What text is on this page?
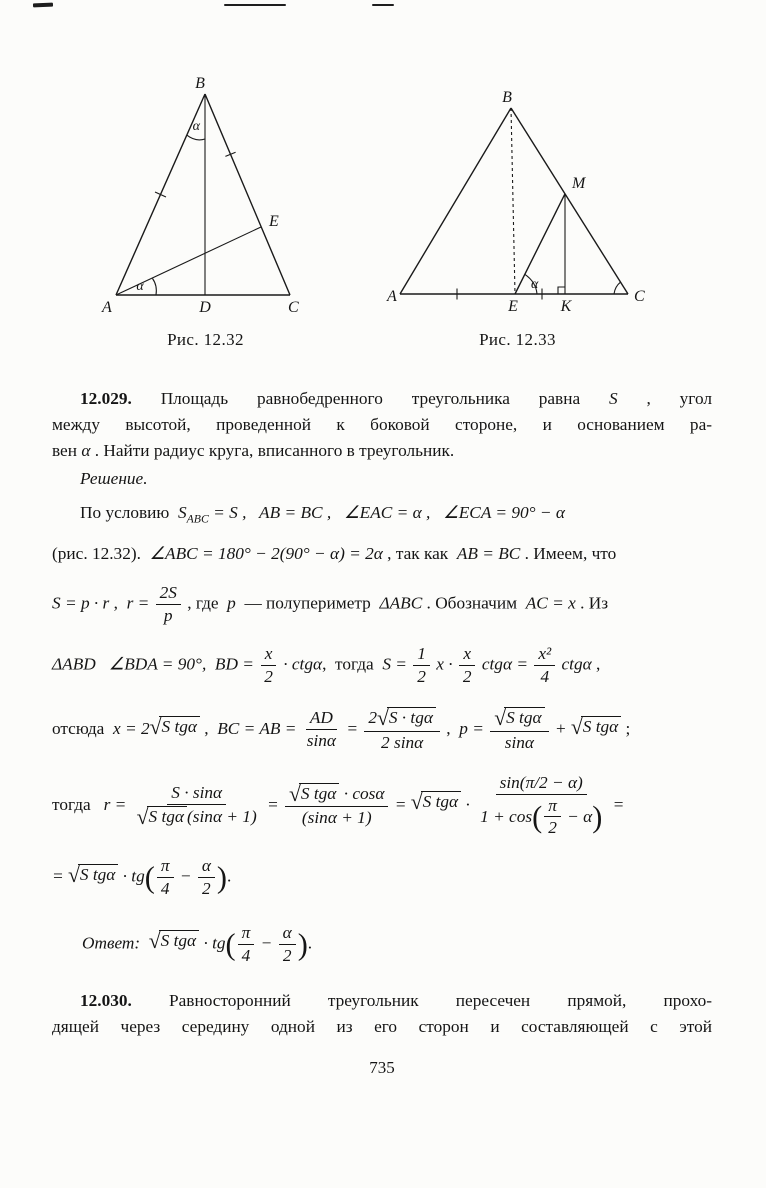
B
α
E
A
α
D	C
B
M
A
E
α
K
C
Рис. 12.32	Рис. 12.33

12.029. Площадь равнобедренного треугольника равна S , угол
между высотой, проведенной к боковой стороне, и основанием ра-
вен α . Найти радиус круга, вписанного в треугольник.

Решение.

По условию  $S_{ABC} = S$ ,   AB = BC ,   ∠EAC = α ,   ∠ECA = 90° − α
(рис. 12.32).  ∠ABC = 180° − 2(90° − α) = 2α , так как  AB = BC . Имеем, что
S = p · r ,  $r = \frac{2S}{p}$ , где  p  — полупериметр  ΔABC . Обозначим  AC = x . Из
ΔABD   ∠BDA = 90°,  BD = $\frac{x}{2} \cdot ctg\alpha$,  тогда  $S = \frac{1}{2}$ $x \cdot \frac{x}{2}$ $ctg\alpha = \frac{\text{x²}}{4}$ ctgα ,
отсюда  x = 2 √ S tgα ,  BC = AB = $\frac{AD}{\sin\alpha} = \frac{\text{2 √ S · tgα}}{2 \sin\alpha}$ ,  $p = \frac{\text{√ S tgα}}{\sin\alpha}$ + √ S tgα ;
тогда   $r = \frac{S \cdot \sin\alpha}{\text{√ S tgα (sinα + 1)}} = \frac{\text{√ S tgα · cosα}}{(\sin\alpha + 1)}$ = √ S $tg\alpha \cdot \frac{\sin(\pi/2 - \alpha)}{1 + \cos ( \frac{\pi}{2} - \alpha )}$ =
= √ S $tg\alpha \cdot tg( \frac{\pi}{4} - \frac{\alpha}{2}$ ).
Ответ: √ S $tg\alpha \cdot tg( \frac{\pi}{4} - \frac{\alpha}{2}$ ).

12.030. Равносторонний треугольник пересечен прямой, прохо-
дящей через середину одной из его сторон и составляющей с этой

735
